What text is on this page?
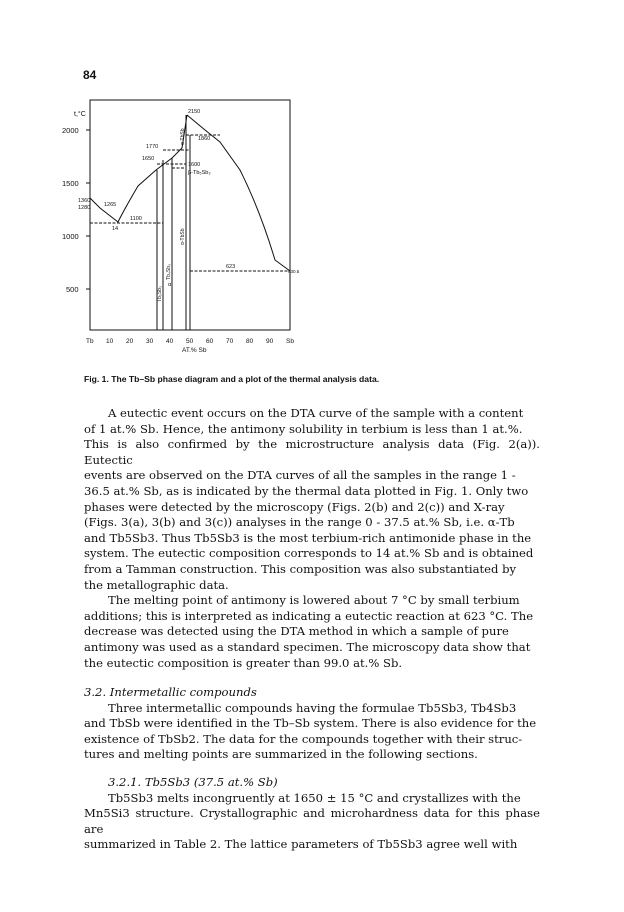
84
t,°C
2000
1500
1000
500
Tb 10 20 30 40 50 60 70 80 90 Sb
AT.% Sb
2150
1860
1770
1650
1600
β-Tb₅Sb₃
1265
1360
1280
1100
14
623
630.5
α-TbSb
α-TbSb
Tb₄Sb₃
Tb₅Sb₃
α
Fig. 1. The Tb–Sb phase diagram and a plot of the thermal analysis data.

A eutectic event occurs on the DTA curve of the sample with a content

of 1 at.% Sb. Hence, the antimony solubility in terbium is less than 1 at.%.

This is also confirmed by the microstructure analysis data (Fig. 2(a)). Eutectic

events are observed on the DTA curves of all the samples in the range 1 -

36.5 at.% Sb, as is indicated by the thermal data plotted in Fig. 1. Only two

phases were detected by the microscopy (Figs. 2(b) and 2(c)) and X-ray

(Figs. 3(a), 3(b) and 3(c)) analyses in the range 0 - 37.5 at.% Sb, i.e. α-Tb

and Tb5Sb3. Thus Tb5Sb3 is the most terbium-rich antimonide phase in the

system. The eutectic composition corresponds to 14 at.% Sb and is obtained

from a Tamman construction. This composition was also substantiated by

the metallographic data.

The melting point of antimony is lowered about 7 °C by small terbium

additions; this is interpreted as indicating a eutectic reaction at 623 °C. The

decrease was detected using the DTA method in which a sample of pure

antimony was used as a standard specimen. The microscopy data show that

the eutectic composition is greater than 99.0 at.% Sb.

3.2. Intermetallic compounds

Three intermetallic compounds having the formulae Tb5Sb3, Tb4Sb3

and TbSb were identified in the Tb–Sb system. There is also evidence for the

existence of TbSb2. The data for the compounds together with their struc-

tures and melting points are summarized in the following sections.

3.2.1. Tb5Sb3 (37.5 at.% Sb)

Tb5Sb3 melts incongruently at 1650 ± 15 °C and crystallizes with the

Mn5Si3 structure. Crystallographic and microhardness data for this phase are

summarized in Table 2. The lattice parameters of Tb5Sb3 agree well with
